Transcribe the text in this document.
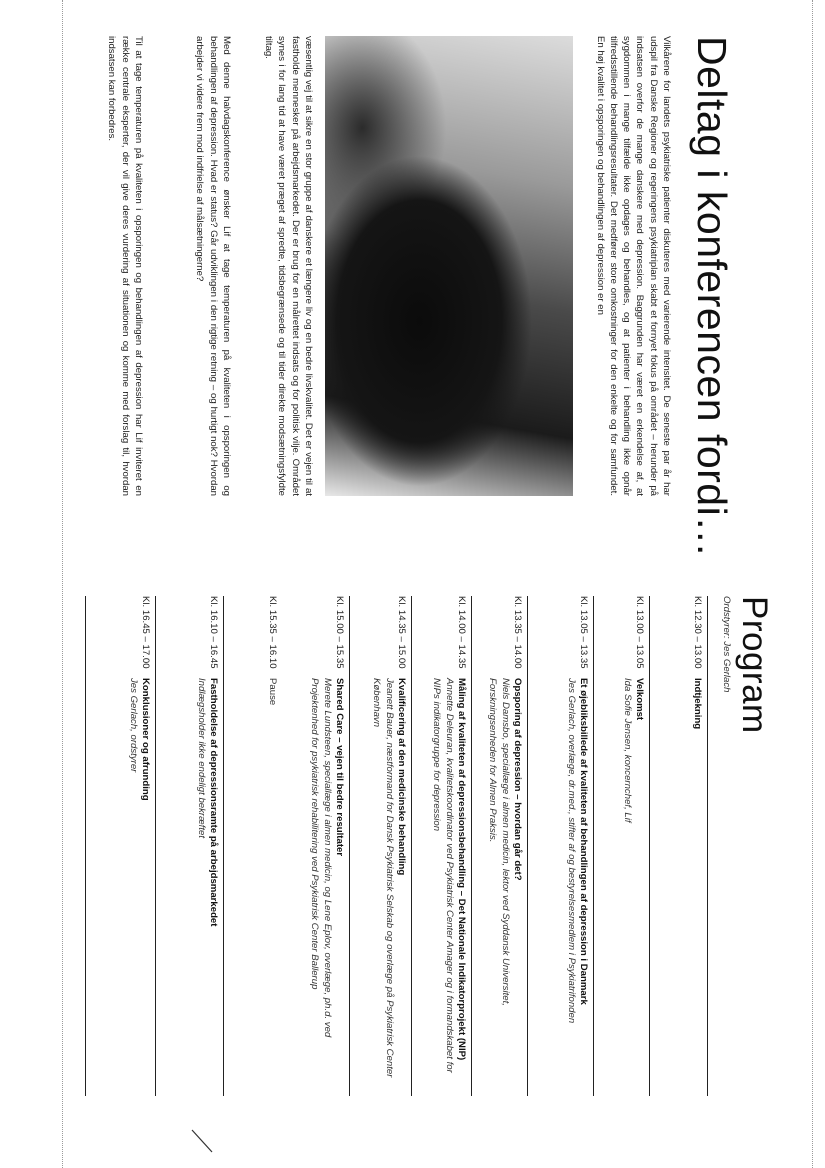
Deltag i konferencen fordi…

Vilkårene for landets psykiatriske patienter diskuteres med varierende intensitet. De seneste par år har udspil fra Danske Regioner og regeringens psykiatriplan skabt et fornyet fokus på området – herunder på indsatsen overfor de mange danskere med depression. Baggrunden har været en erkendelse af, at sygdommen i mange tilfælde ikke opdages og behandles, og at patienter i behandling ikke opnår tilfredsstillende behandlingsresultater. Det medfører store omkostninger for den enkelte og for samfundet. En høj kvalitet i opsporingen og behandlingen af depression er en

væsentlig vej til at sikre en stor gruppe af danskere et længere liv og en bedre livskvalitet. Det er vejen til at fastholde mennesker på arbejdsmarkedet. Der er brug for en målrettet indsats og for politisk vilje. Området synes i for lang tid at have været præget af spredte, tidsbegrænsede og til tider direkte modsætningsfyldte tiltag.

Med denne halvdagskonference ønsker Lif at tage temperaturen på kvaliteten i opsporingen og behandlingen af depression. Hvad er status? Går udviklingen i den rigtige retning – og hurtigt nok? Hvordan arbejder vi videre frem mod indfrielse af målsætningerne?

Til at tage temperaturen på kvaliteten i opsporingen og behandlingen af depression har Lif inviteret en række centrale eksperter, der vil give deres vurdering af situationen og komme med forslag til, hvordan indsatsen kan forbedres.

Program

Ordstyrer: Jes Gerlach

Kl. 12.30 – 13.00
Indtjekning
Kl. 13.00 – 13.05
Velkomst
Ida Sofie Jensen, koncernchef, Lif
Kl. 13.05 – 13.35
Et øjebliksbillede af kvaliteten af behandlingen af depression i Danmark
Jes Gerlach, overlæge, dr.med., stifter af og bestyrelsesmedlem i Psykiatrifonden
Kl. 13.35 – 14.00
Opsporing af depression – hvordan går det?
Niels Damsbo, speciallæge i almen medicin, lektor ved Syddansk Universitet, Forskningsenheden for Almen Praksis.
Kl. 14.00 – 14.35
Måling af kvaliteten af depressionsbehandling – Det Nationale Indikatorprojekt (NIP)
Annette Deleuran, kvalitetskoordinator ved Psykiatrisk Center Amager og i formandskabet for NIPs indikatorgruppe for depression
Kl. 14.35 – 15.00
Kvalificering af den medicinske behandling
Jeanett Bauer, næstformand for Dansk Psykiatrisk Selskab og overlæge på Psykiatrisk Center København
Kl. 15.00 – 15.35
Shared Care – vejen til bedre resultater
Merete Lundsteen, speciallæge i almen medicin, og Lene Eplov, overlæge, ph.d. ved Projektenhed for psykiatrisk rehabilitering ved Psykiatrisk Center Ballerup
Kl. 15.35 – 16.10
Pause
Kl. 16.10 – 16.45
Fastholdelse af depressionsramte på arbejdsmarkedet
Indlægsholder ikke endeligt bekræftet
Kl. 16.45 – 17.00
Konklusioner og afrunding
Jes Gerlach, ordstyrer
